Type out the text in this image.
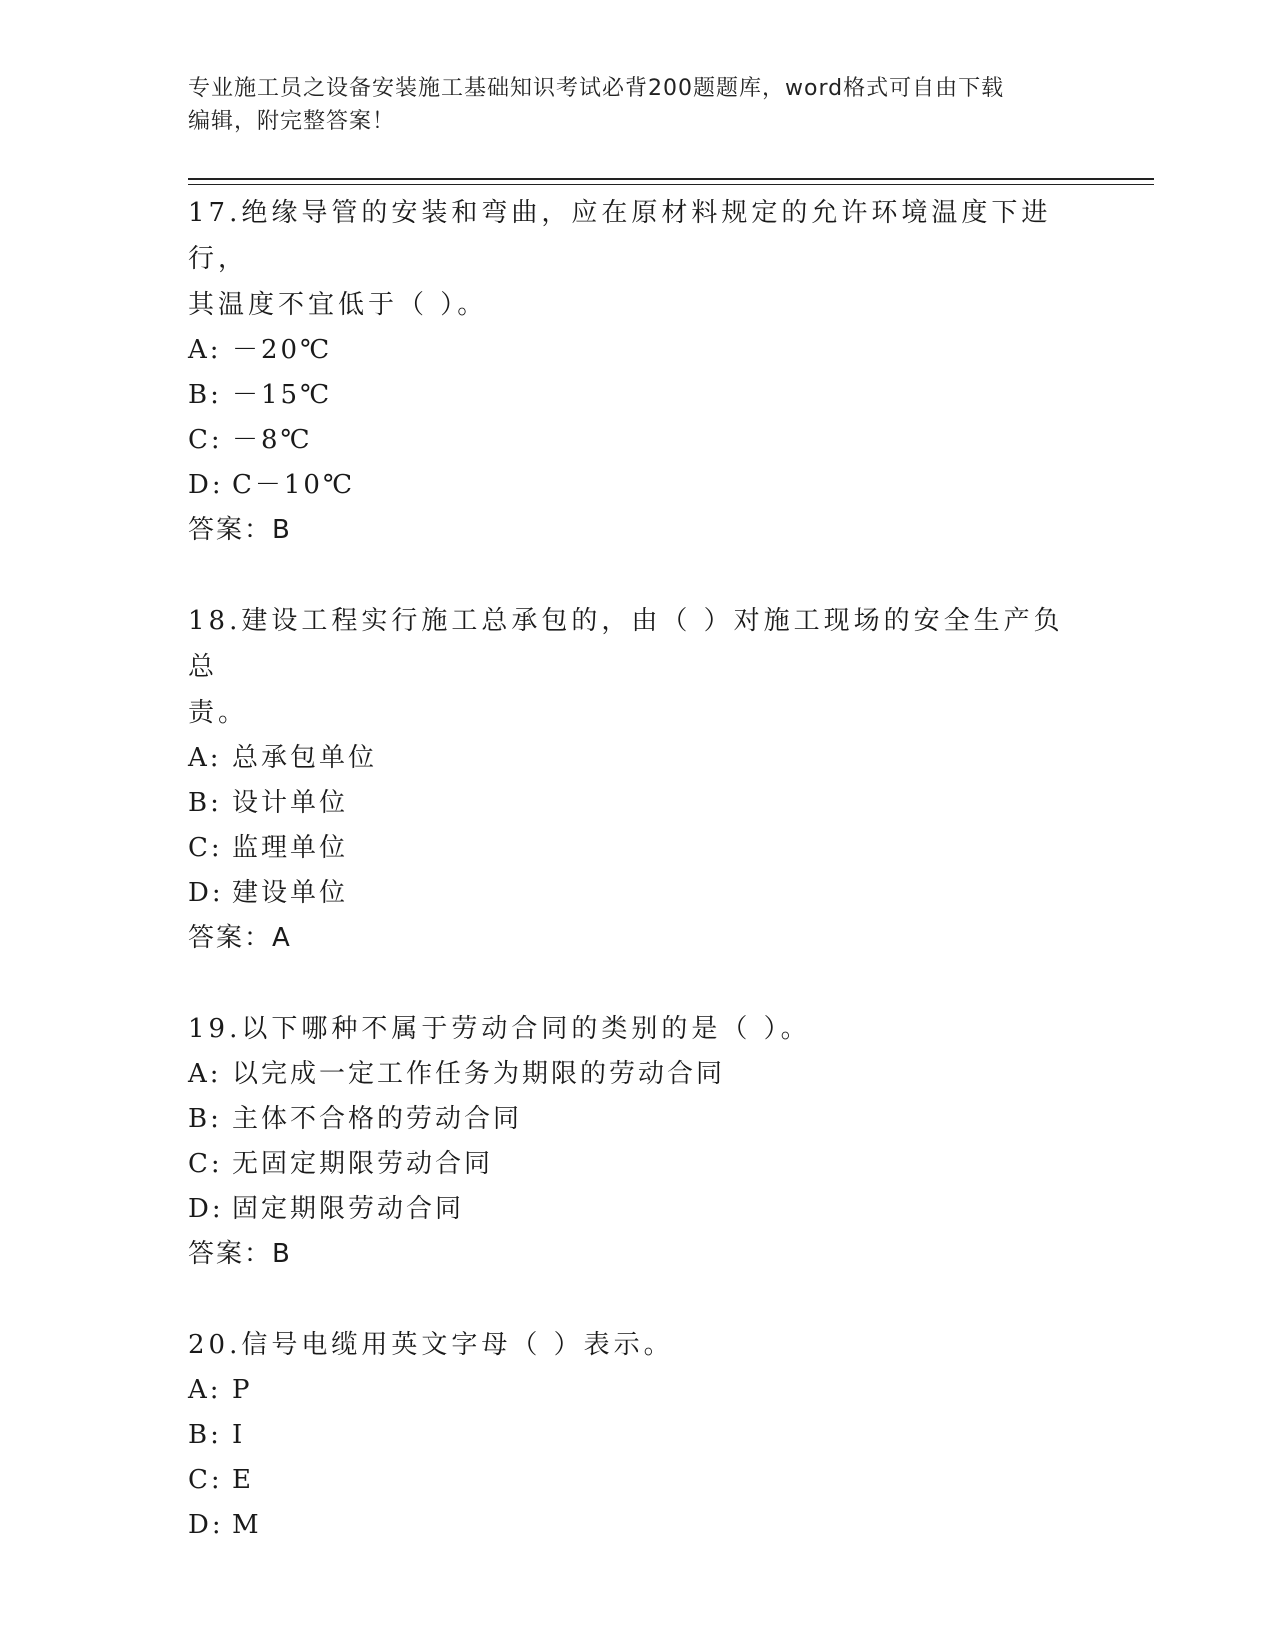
专业施工员之设备安装施工基础知识考试必背200题题库，word格式可自由下载
编辑，附完整答案！

17.绝缘导管的安装和弯曲，应在原材料规定的允许环境温度下进行，

其温度不宜低于（ ）。

A: －20℃

B: －15℃

C: －8℃

D: C－10℃

答案：B

18.建设工程实行施工总承包的，由（ ）对施工现场的安全生产负总

责。

A: 总承包单位

B: 设计单位

C: 监理单位

D: 建设单位

答案：A

19.以下哪种不属于劳动合同的类别的是（ ）。

A: 以完成一定工作任务为期限的劳动合同

B: 主体不合格的劳动合同

C: 无固定期限劳动合同

D: 固定期限劳动合同

答案：B

20.信号电缆用英文字母（ ）表示。

A: P

B: I

C: E

D: M
